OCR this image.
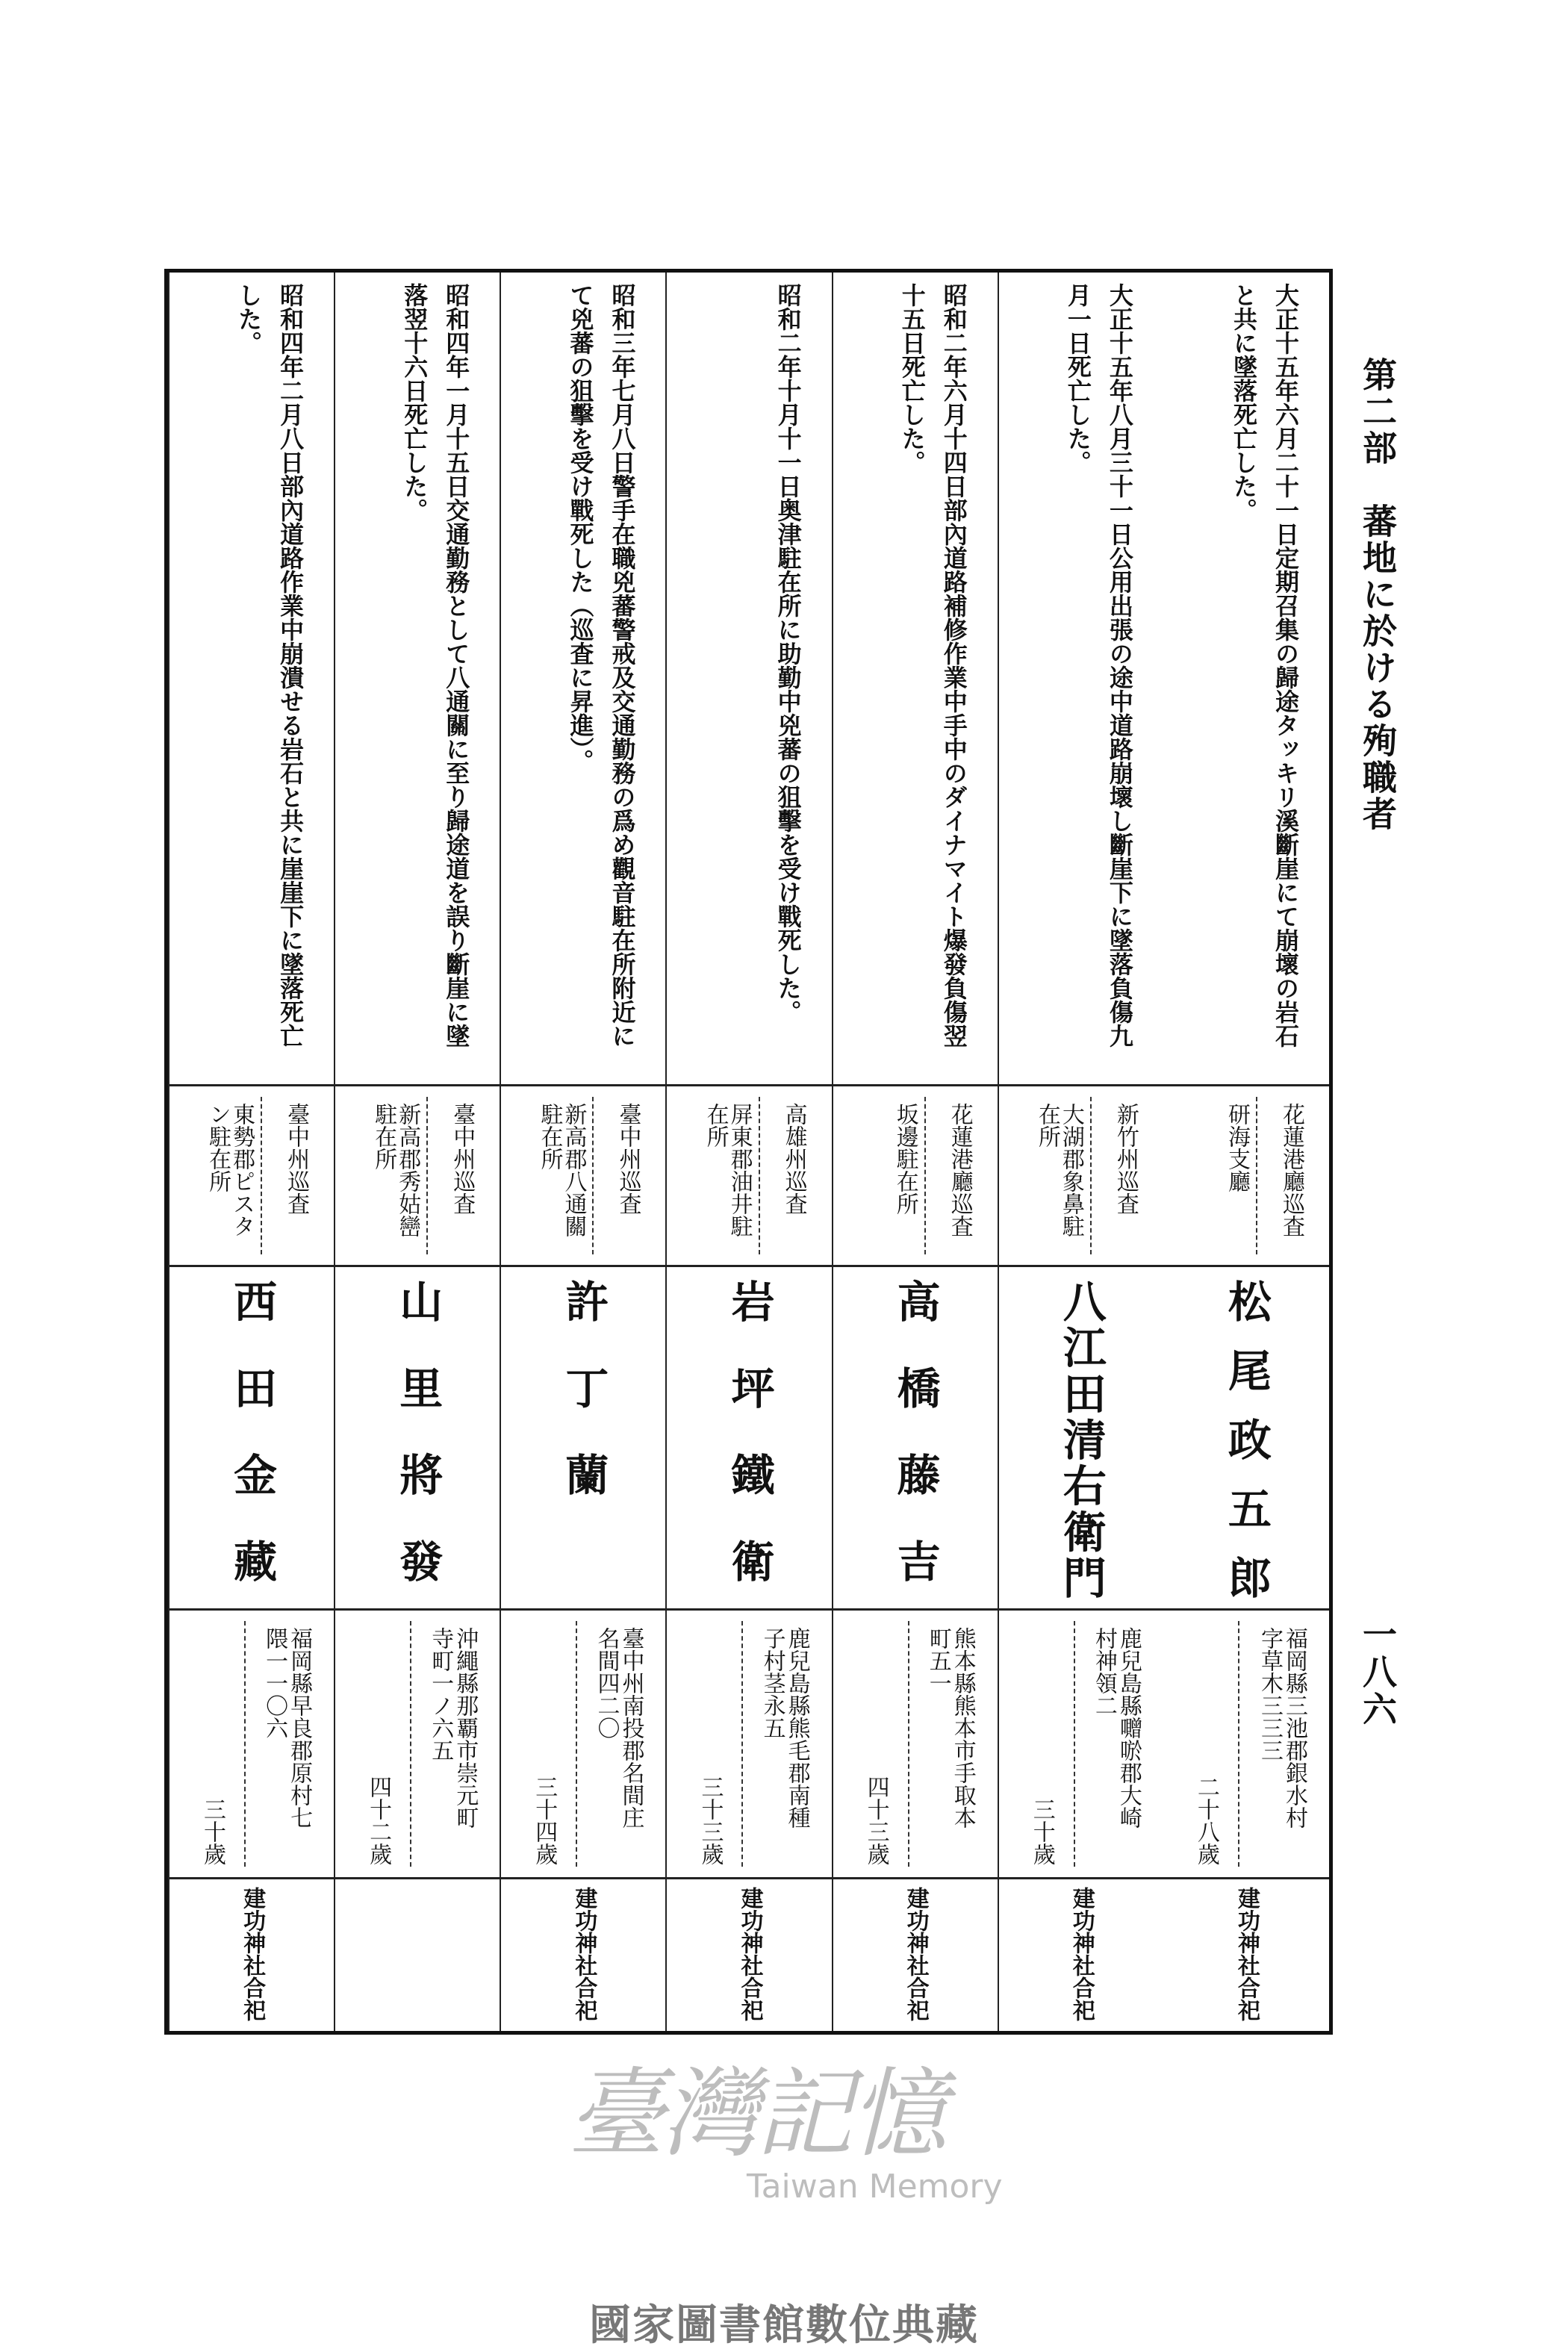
第二部　蕃地に於ける殉職者
一八六
大正十五年六月二十一日定期召集の歸途タッキリ溪斷崖にて崩壞の岩石
と共に墜落死亡した。
花蓮港廳巡査
研海支廳
松尾政五郎
福岡縣三池郡銀水村
字草木三三三
二十八歲
建功神社合祀
大正十五年八月三十一日公用出張の途中道路崩壞し斷崖下に墜落負傷九
月一日死亡した。
新竹州巡査
大湖郡象鼻駐
在所
八江田清右衛門
鹿兒島縣囎唹郡大崎
村神領二
三十歲
建功神社合祀
昭和二年六月十四日部內道路補修作業中手中のダイナマイト爆發負傷翌
十五日死亡した。
花蓮港廳巡査
坂邊駐在所
高橋藤吉
熊本縣熊本市手取本
町五一
四十三歲
建功神社合祀
昭和二年十月十一日奥津駐在所に助勤中兇蕃の狙擊を受け戰死した。
高雄州巡査
屏東郡油井駐
在所
岩坪鐵衛
鹿兒島縣熊毛郡南種
子村茎永五
三十三歲
建功神社合祀
昭和三年七月八日警手在職兇蕃警戒及交通勤務の爲め觀音駐在所附近に
て兇蕃の狙擊を受け戰死した（巡査に昇進）。
臺中州巡査
新高郡八通關
駐在所
許丁蘭
臺中州南投郡名間庄
名間四二〇
三十四歲
建功神社合祀
昭和四年一月十五日交通勤務として八通關に至り歸途道を誤り斷崖に墜
落翌十六日死亡した。
臺中州巡査
新高郡秀姑巒
駐在所
山里將發
沖繩縣那覇市崇元町
寺町一ノ六五
四十二歲
昭和四年二月八日部內道路作業中崩潰せる岩石と共に崖崖下に墜落死亡
した。
臺中州巡査
東勢郡ピスタ
ン駐在所
西田金藏
福岡縣早良郡原村七
隈一一〇六
三十歲
建功神社合祀
臺灣記憶
Taiwan Memory
國家圖書館數位典藏
